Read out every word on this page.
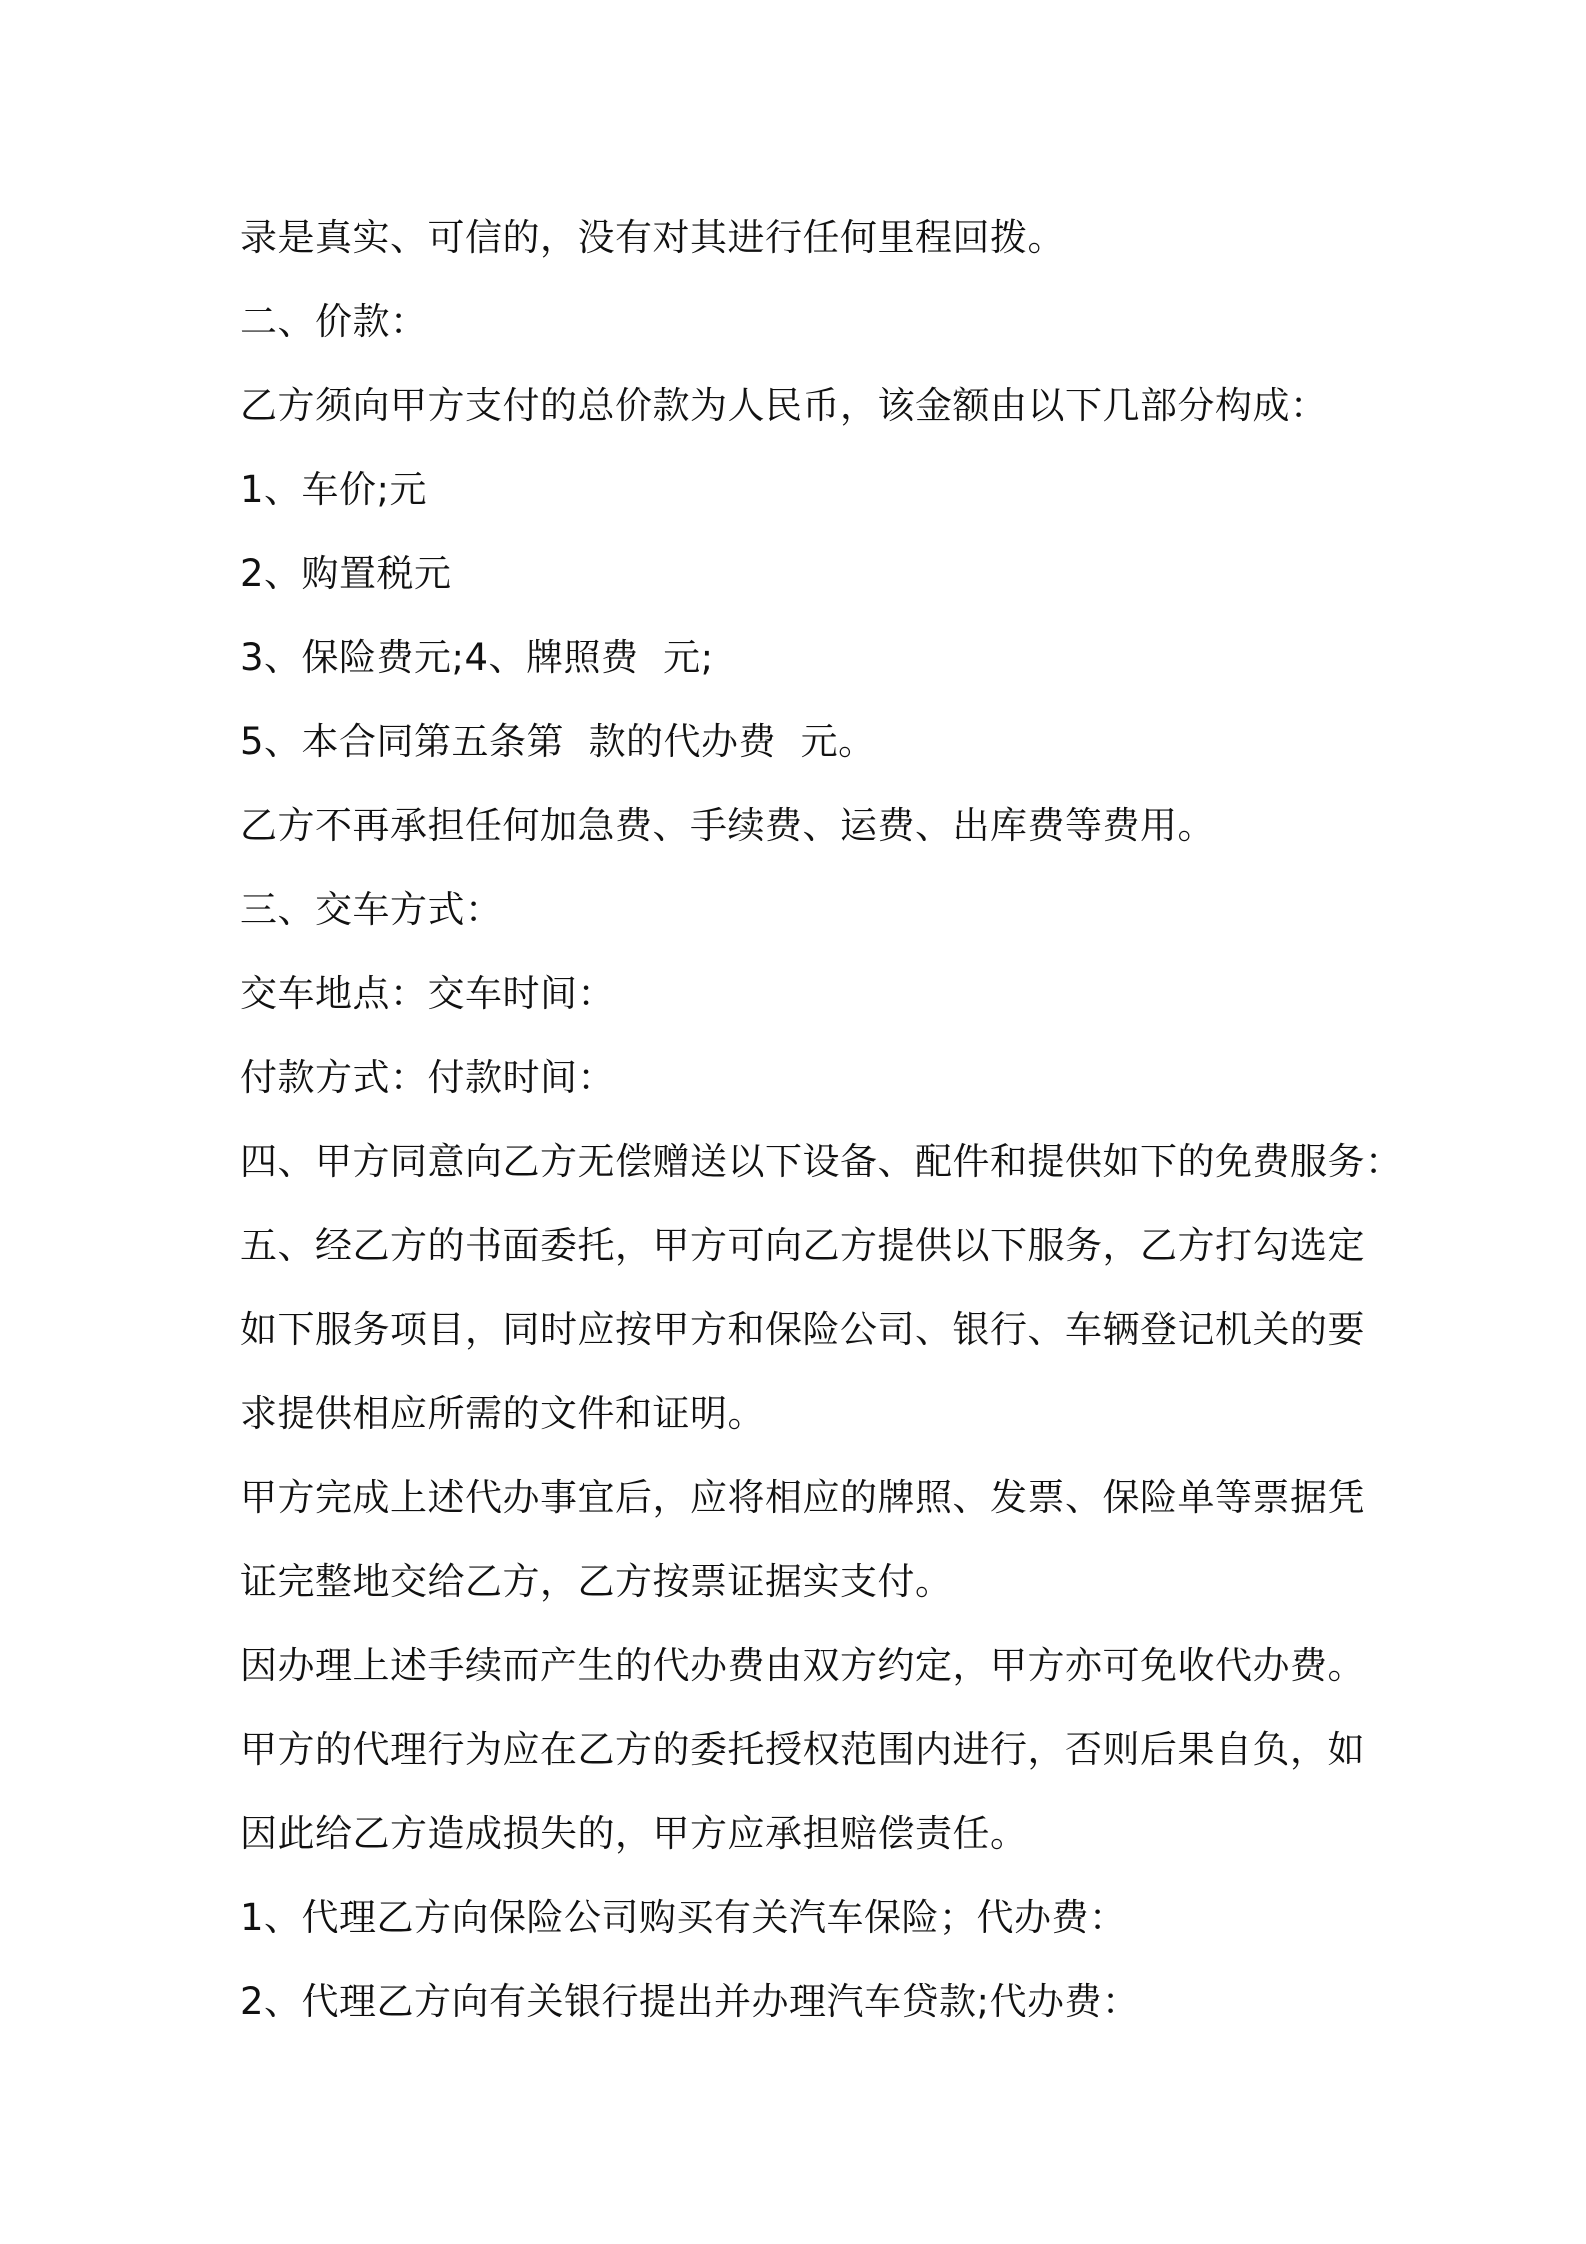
录是真实、可信的，没有对其进行任何里程回拨。
二、价款：
乙方须向甲方支付的总价款为人民币，该金额由以下几部分构成：
1、车价;元
2、购置税元
3、保险费元;4、牌照费  元;
5、本合同第五条第  款的代办费  元。
乙方不再承担任何加急费、手续费、运费、出库费等费用。
三、交车方式：
交车地点：交车时间：
付款方式：付款时间：
四、甲方同意向乙方无偿赠送以下设备、配件和提供如下的免费服务：
五、经乙方的书面委托，甲方可向乙方提供以下服务，乙方打勾选定
如下服务项目，同时应按甲方和保险公司、银行、车辆登记机关的要
求提供相应所需的文件和证明。
甲方完成上述代办事宜后，应将相应的牌照、发票、保险单等票据凭
证完整地交给乙方，乙方按票证据实支付。
因办理上述手续而产生的代办费由双方约定，甲方亦可免收代办费。
甲方的代理行为应在乙方的委托授权范围内进行，否则后果自负，如
因此给乙方造成损失的，甲方应承担赔偿责任。
1、代理乙方向保险公司购买有关汽车保险；代办费：
2、代理乙方向有关银行提出并办理汽车贷款;代办费：
